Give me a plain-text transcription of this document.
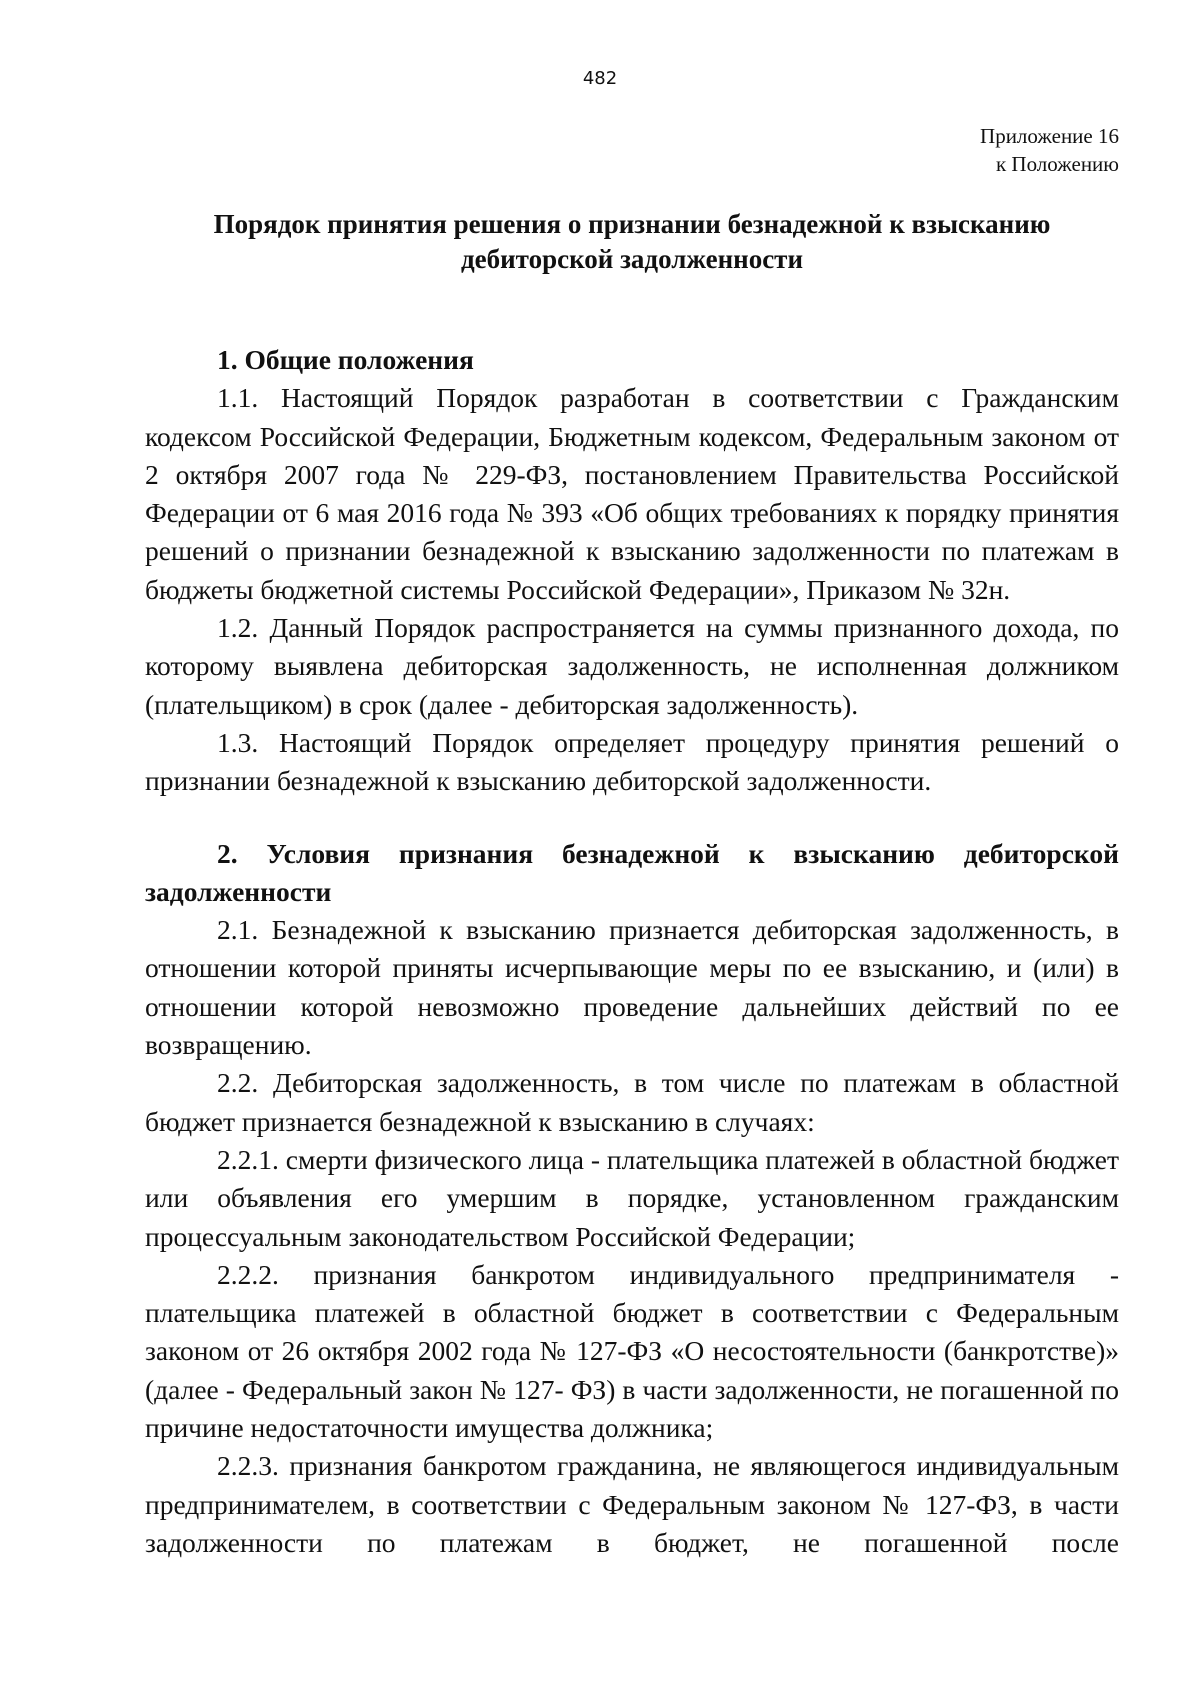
482
Приложение 16
к Положению
Порядок принятия решения о признании безнадежной к взысканию
дебиторской задолженности
1. Общие положения

1.1. Настоящий Порядок разработан в соответствии с Гражданским кодексом Российской Федерации, Бюджетным кодексом, Федеральным законом от 2 октября 2007 года № 229-ФЗ, постановлением Правительства Российской Федерации от 6 мая 2016 года № 393 «Об общих требованиях к порядку принятия решений о признании безнадежной к взысканию задолженности по платежам в бюджеты бюджетной системы Российской Федерации», Приказом № 32н.

1.2. Данный Порядок распространяется на суммы признанного дохода, по которому выявлена дебиторская задолженность, не исполненная должником (плательщиком) в срок (далее - дебиторская задолженность).

1.3. Настоящий Порядок определяет процедуру принятия решений о признании безнадежной к взысканию дебиторской задолженности.

2. Условия признания безнадежной к взысканию дебиторской
задолженности

2.1. Безнадежной к взысканию признается дебиторская задолженность, в отношении которой приняты исчерпывающие меры по ее взысканию, и (или) в отношении которой невозможно проведение дальнейших действий по ее возвращению.

2.2. Дебиторская задолженность, в том числе по платежам в областной бюджет признается безнадежной к взысканию в случаях:

2.2.1. смерти физического лица - плательщика платежей в областной бюджет или объявления его умершим в порядке, установленном гражданским процессуальным законодательством Российской Федерации;

2.2.2. признания банкротом индивидуального предпринимателя - плательщика платежей в областной бюджет в соответствии с Федеральным законом от 26 октября 2002 года № 127-ФЗ «О несостоятельности (банкротстве)» (далее - Федеральный закон № 127- ФЗ) в части задолженности, не погашенной по причине недостаточности имущества должника;

2.2.3. признания банкротом гражданина, не являющегося индивидуальным предпринимателем, в соответствии с Федеральным законом № 127-ФЗ, в части задолженности по платежам в бюджет, не погашенной после
